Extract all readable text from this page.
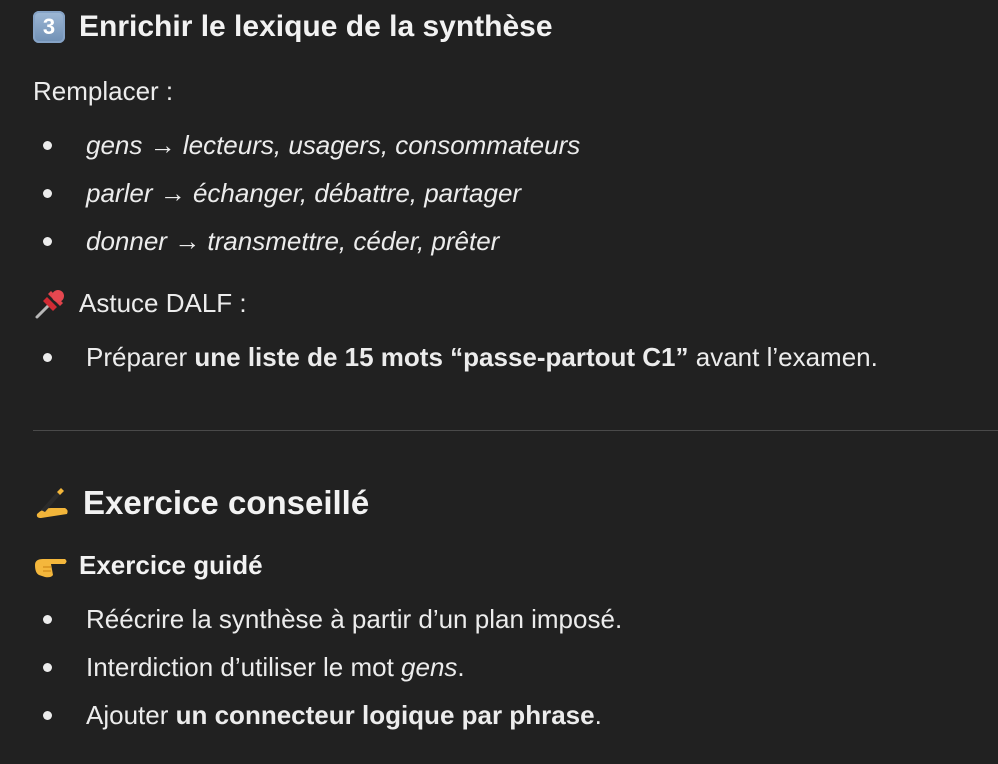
3 Enrichir le lexique de la synthèse
Remplacer :
gens → lecteurs, usagers, consommateurs
parler → échanger, débattre, partager
donner → transmettre, céder, prêter
Astuce DALF :
Préparer une liste de 15 mots “passe-partout C1” avant l’examen.
Exercice conseillé
Exercice guidé
Réécrire la synthèse à partir d’un plan imposé.
Interdiction d’utiliser le mot gens.
Ajouter un connecteur logique par phrase.
